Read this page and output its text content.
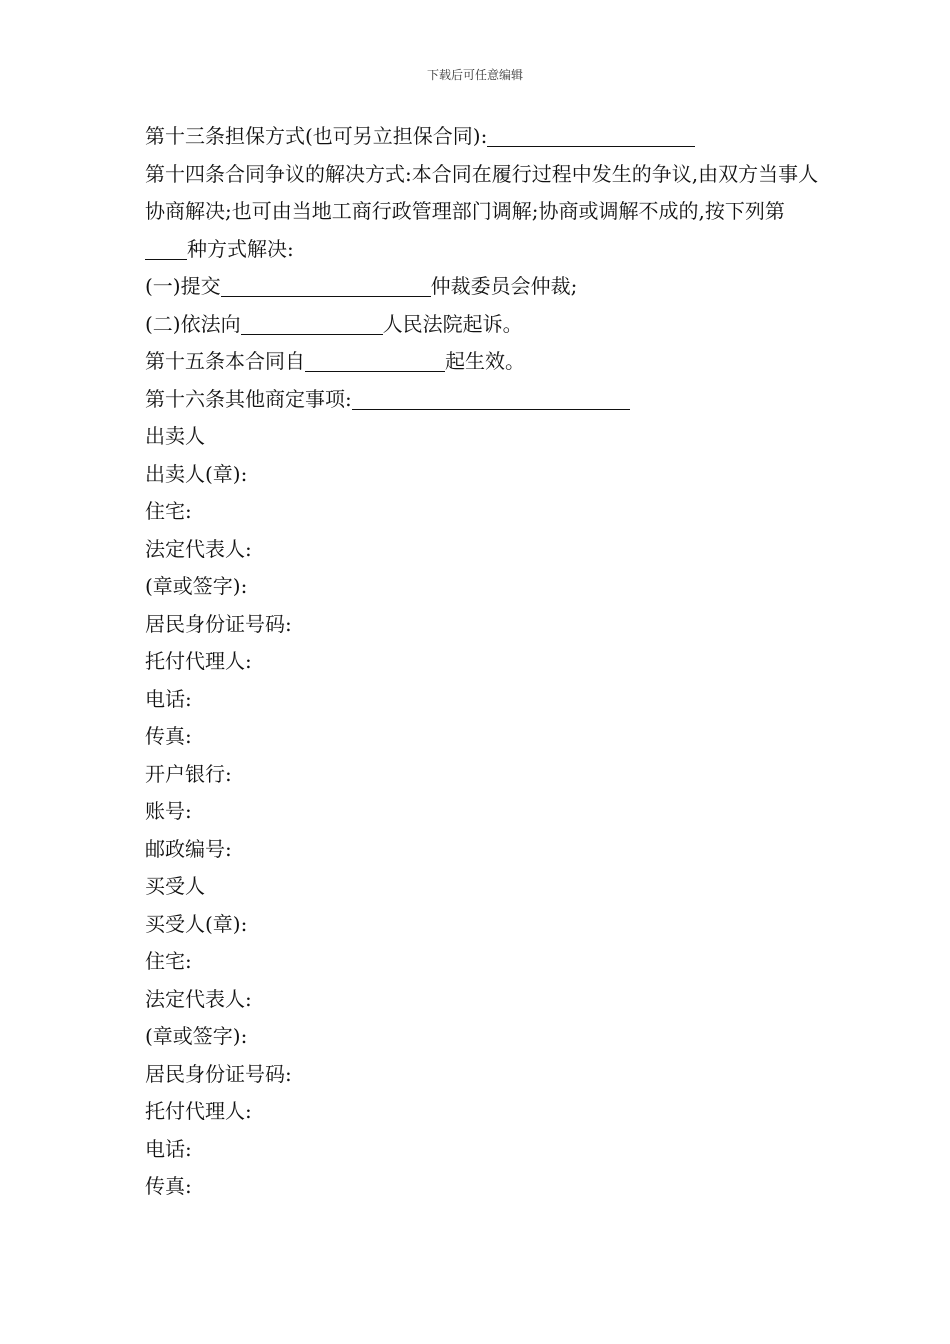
下载后可任意编辑
第十三条担保方式(也可另立担保合同):
第十四条合同争议的解决方式:本合同在履行过程中发生的争议,由双方当事人协商解决;也可由当地工商行政管理部门调解;协商或调解不成的,按下列第种方式解决:
(一)提交	仲裁委员会仲裁;
(二)依法向	人民法院起诉。
第十五条本合同自	起生效。
第十六条其他商定事项:
出卖人
出卖人(章):
住宅:
法定代表人:
(章或签字):
居民身份证号码:
托付代理人:
电话:
传真:
开户银行:
账号:
邮政编号:
买受人
买受人(章):
住宅:
法定代表人:
(章或签字):
居民身份证号码:
托付代理人:
电话:
传真:
